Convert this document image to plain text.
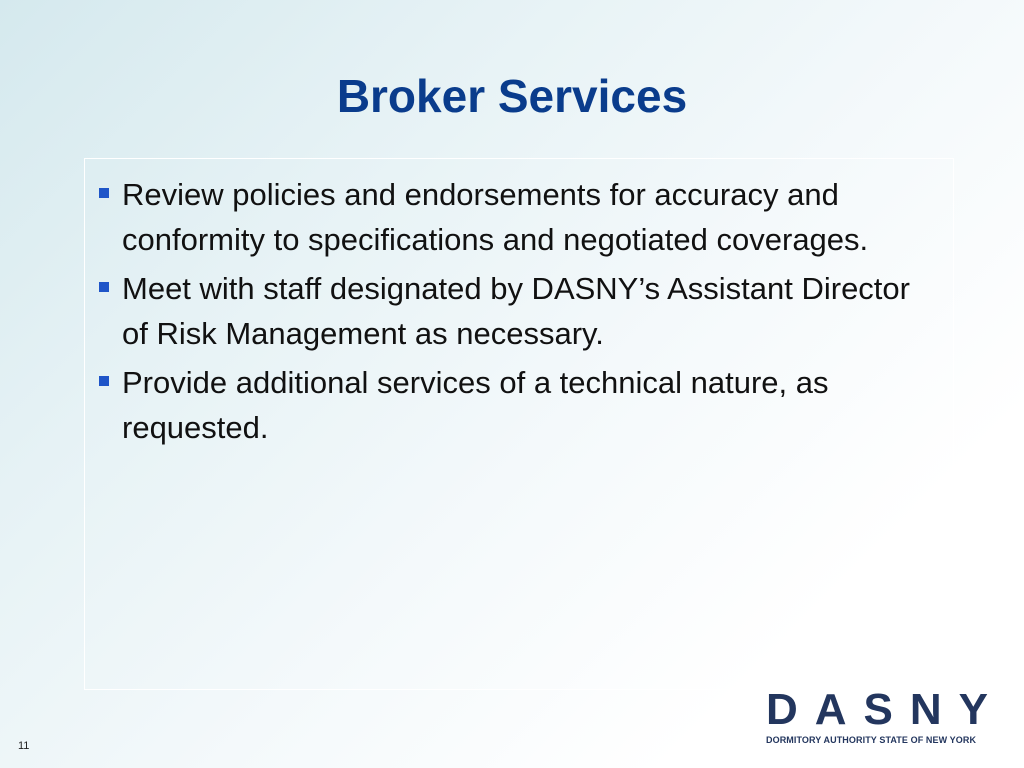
Broker Services
Review policies and endorsements for accuracy and conformity to specifications and negotiated coverages.
Meet with staff designated by DASNY’s Assistant Director of Risk Management as necessary.
Provide additional services of a technical nature, as requested.
DASNY
DORMITORY AUTHORITY STATE OF NEW YORK
11
